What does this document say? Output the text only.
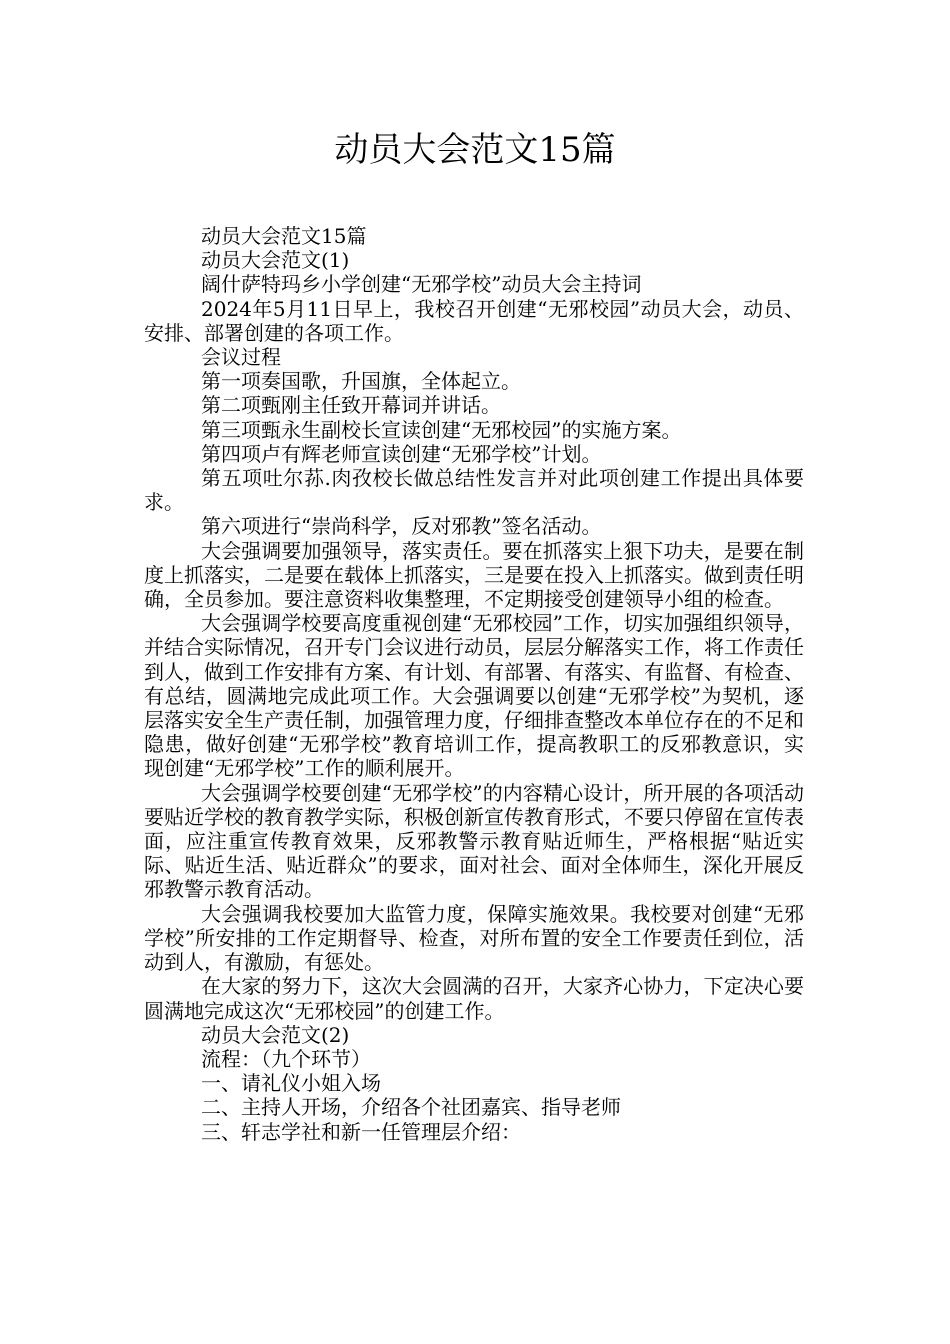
动员大会范文15篇

动员大会范文15篇

动员大会范文(1)

阔什萨特玛乡小学创建“无邪学校”动员大会主持词

2024年5月11日早上，我校召开创建“无邪校园”动员大会，动员、安排、部署创建的各项工作。

会议过程

第一项奏国歌，升国旗，全体起立。

第二项甄刚主任致开幕词并讲话。

第三项甄永生副校长宣读创建“无邪校园”的实施方案。

第四项卢有辉老师宣读创建“无邪学校”计划。

第五项吐尔荪.肉孜校长做总结性发言并对此项创建工作提出具体要求。

第六项进行“崇尚科学，反对邪教”签名活动。

大会强调要加强领导，落实责任。要在抓落实上狠下功夫，是要在制度上抓落实，二是要在载体上抓落实，三是要在投入上抓落实。做到责任明确，全员参加。要注意资料收集整理，不定期接受创建领导小组的检查。

大会强调学校要高度重视创建“无邪校园”工作，切实加强组织领导，并结合实际情况，召开专门会议进行动员，层层分解落实工作，将工作责任到人，做到工作安排有方案、有计划、有部署、有落实、有监督、有检查、有总结，圆满地完成此项工作。大会强调要以创建“无邪学校”为契机，逐层落实安全生产责任制，加强管理力度，仔细排查整改本单位存在的不足和隐患，做好创建“无邪学校”教育培训工作，提高教职工的反邪教意识，实现创建“无邪学校”工作的顺利展开。

大会强调学校要创建“无邪学校”的内容精心设计，所开展的各项活动要贴近学校的教育教学实际，积极创新宣传教育形式，不要只停留在宣传表面，应注重宣传教育效果，反邪教警示教育贴近师生，严格根据“贴近实际、贴近生活、贴近群众”的要求，面对社会、面对全体师生，深化开展反邪教警示教育活动。

大会强调我校要加大监管力度，保障实施效果。我校要对创建“无邪学校”所安排的工作定期督导、检查，对所布置的安全工作要责任到位，活动到人，有激励，有惩处。

在大家的努力下，这次大会圆满的召开，大家齐心协力，下定决心要圆满地完成这次“无邪校园”的创建工作。

动员大会范文(2)

流程：（九个环节）

一、请礼仪小姐入场

二、主持人开场，介绍各个社团嘉宾、指导老师

三、轩志学社和新一任管理层介绍：
